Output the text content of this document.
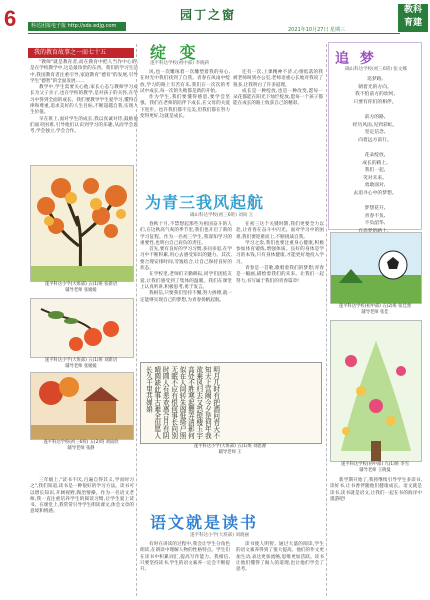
6	科达团报电子报 http://sdx.edjg.com
园丁之窗
2021年10月27日 星期三
教科
育建
我的教育故事之一而七十五

"教师"就是教育者,而在教育中把人当作中心的,是在学校教学中,这是最珍贵的东西。我们的学习生活中,我国教育者注重引导,家庭教育"德育"的发展,引导学生"德智"的全面发展……

教学中,学生需要关心他,家长心态与教师学习成长为父子亲子,也在学校的教学,是对孩子的关怀,在学习中得到全面的成长。我们要教导学生爱学习,懂得自律和尊重,追求美好的人生目标,不断超越自我,实现人生价值。

早在班上,面对学生的成长,我以真诚对待,鼓励他们面对困难,引导他们认识到学习的乐趣,从而学会思考,学会独立,学会合作。

绽 变
遂平科达学校(初中部) 李晓莉

风,也一次雕琢着一次雕塑着我的身心,在时光中我们找到了自我。青春在风雨中绽放,学习的路上有苦有乐,我们在一次次的考试中成长,每一次的失败都是新的开始。

作为学生,我们要懂得感恩,要学会坚强。我们在老师的陪伴下成长,在父母的关爱下进步。也许我们都不完美,但我们都在努力变得更好,这就是成长。

还有一次,上课精神不济,心情低落的我被老师叫到办公室,老师语重心长地对我说了很多,让我明白了许多道理。

成长是一种绽放,也是一种改变,愿每一朵花都能在阳光下灿烂绽放,愿每一个孩子都能在成长的路上收获自己的精彩。

追 梦
确山科达学校(初三6班) 张文娜
追梦路,
朝着光的方向。
我不怕前方的坎坷,
只要有你们的相伴。

前方的路,
经历风雨,见到彩虹。
坚定信念,
向着远方前行。

花朵绽放,
成长的路上,
我们一起,
笑对未来。
勇敢面对,
去追寻心中的梦想。

梦想花开,
青春不负,
不负韶华,
遂平科达小学(大班部) 五(1)班 张新语
辅导老师 张媛媛
遂平科达小学(大班部) 五(1)班 刘新语
辅导老师 张媛媛
遂平科达学校(初三6班) 五(2)班 刘雨欣
辅导老师 张静
为青三我风起航
确山科达学校(初三6班) 刘尚 王

春秋十月,不禁想起那些为祖国奋斗的人们,在这秋高气爽的季节里,我们也开启了新的学习征程。作为一名初三学生,我深知学习的重要性,也明白自己肩负的责任。

首先,要有良好的学习习惯,多问多思,在学习中不断积累,用心去感受知识的魅力。其次,要合理安排时间,劳逸结合,让自己保持良好的状态。

在学校里,老师们辛勤耕耘,同学们团结友爱,让我们感受到了集体的温暖。我们在课堂上认真听讲,积极思考,勇于发言。

我相信,只要我们坚持不懈,努力拼搏,就一定能够实现自己的梦想,为青春扬帆起航。

在初三这个关键时期,我们更要全力以赴,让青春在奋斗中闪光。面对学习中的困难,我们要迎难而上,不断挑战自我。

学习之余,我们也要注重身心健康,积极参加体育锻炼,增强体质。良好的身体是学习的本钱,只有身体健康,才能更好地投入学习。

青春是一首歌,歌唱着我们的梦想;青春是一幅画,描绘着我们的未来。让我们一起努力,书写属于我们的青春篇章!

遂平科达学校(初中部) 五(2)班 张佳蕾
辅导老师 张佳
明月几时有把酒问青天不知天上宫阙今夕是何年我欲乘风归去又恐琼楼玉宇高处不胜寒起舞弄清影何似在人间转朱阁低绮户照无眠不应有恨何事长向别时圆人有悲欢离合月有阴晴圆缺此事古难全但愿人长久千里共婵娟
遂平科达小学(大班部) 五(1)班 刘思源
辅导老师 王
遂平科达学校(初中部) 九(1)班 李雪
辅导老师 王晓曼
语文就是读书
遂平科达小学(大班部) 刘晓丽

三年级上,"读书不厌,百遍自得其义,学而时习之",我们知道,读书是一种很好的学习方法。读书可以增长知识,开阔视野,陶冶情操。作为一名语文老师,我一直注重培养学生的阅读习惯,让学生爱上读书。在课堂上,我常常引导学生朗读课文,体会文章的意境和情感。

有时在讲读的过程中,我会让学生分角色朗读,在朗读中理解人物的性格特点。学生们在读书中积累词汇,提高写作能力。我相信,只要坚持读书,学生的语文素养一定会不断提升。

读书使人明智。通过大量的阅读,学生的语文素养得到了很大提高。他们的作文更加生动,表达更加流畅,思维更加活跃。读书让他们懂得了做人的道理,也让他们学会了思考。

新学期开始了,我将继续引导学生多读书,读好书,让书香伴随他们健康成长。语文就是读书,读书就是语文,让我们一起在书的海洋中遨游吧!
